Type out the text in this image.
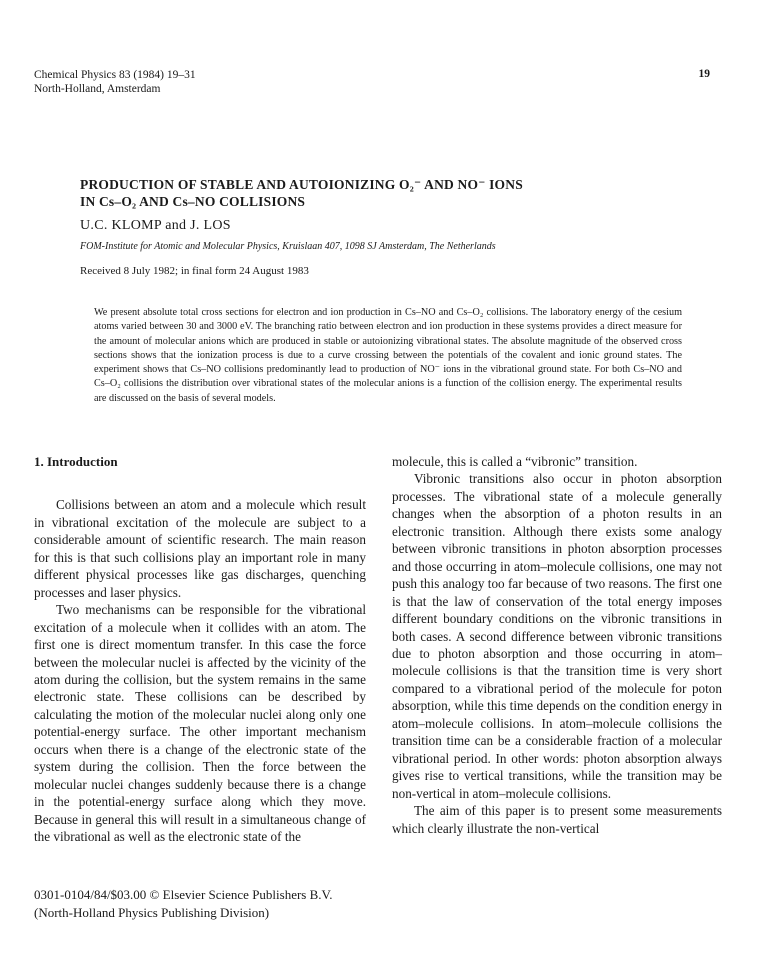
Chemical Physics 83 (1984) 19–31
North-Holland, Amsterdam
19
PRODUCTION OF STABLE AND AUTOIONIZING O₂⁻ AND NO⁻ IONS
IN Cs–O₂ AND Cs–NO COLLISIONS
U.C. KLOMP and J. LOS
FOM-Institute for Atomic and Molecular Physics, Kruislaan 407, 1098 SJ Amsterdam, The Netherlands
Received 8 July 1982; in final form 24 August 1983
We present absolute total cross sections for electron and ion production in Cs–NO and Cs–O₂ collisions. The laboratory energy of the cesium atoms varied between 30 and 3000 eV. The branching ratio between electron and ion production in these systems provides a direct measure for the amount of molecular anions which are produced in stable or autoionizing vibrational states. The absolute magnitude of the observed cross sections shows that the ionization process is due to a curve crossing between the potentials of the covalent and ionic ground states. The experiment shows that Cs–NO collisions predominantly lead to production of NO⁻ ions in the vibrational ground state. For both Cs–NO and Cs–O₂ collisions the distribution over vibrational states of the molecular anions is a function of the collision energy. The experimental results are discussed on the basis of several models.
1. Introduction

Collisions between an atom and a molecule which result in vibrational excitation of the molecule are subject to a considerable amount of scientific research. The main reason for this is that such collisions play an important role in many different physical processes like gas discharges, quenching processes and laser physics.

Two mechanisms can be responsible for the vibrational excitation of a molecule when it collides with an atom. The first one is direct momentum transfer. In this case the force between the molecular nuclei is affected by the vicinity of the atom during the collision, but the system remains in the same electronic state. These collisions can be described by calculating the motion of the molecular nuclei along only one potential-energy surface. The other important mechanism occurs when there is a change of the electronic state of the system during the collision. Then the force between the molecular nuclei changes suddenly because there is a change in the potential-energy surface along which they move. Because in general this will result in a simultaneous change of the vibrational as well as the electronic state of the

molecule, this is called a “vibronic” transition.

Vibronic transitions also occur in photon absorption processes. The vibrational state of a molecule generally changes when the absorption of a photon results in an electronic transition. Although there exists some analogy between vibronic transitions in photon absorption processes and those occurring in atom–molecule collisions, one may not push this analogy too far because of two reasons. The first one is that the law of conservation of the total energy imposes different boundary conditions on the vibronic transitions in both cases. A second difference between vibronic transitions due to photon absorption and those occurring in atom–molecule collisions is that the transition time is very short compared to a vibrational period of the molecule for poton absorption, while this time depends on the condition energy in atom–molecule collisions. In atom–molecule collisions the transition time can be a considerable fraction of a molecular vibrational period. In other words: photon absorption always gives rise to vertical transitions, while the transition may be non-vertical in atom–molecule collisions.

The aim of this paper is to present some measurements which clearly illustrate the non-vertical

0301-0104/84/$03.00 © Elsevier Science Publishers B.V.
(North-Holland Physics Publishing Division)
